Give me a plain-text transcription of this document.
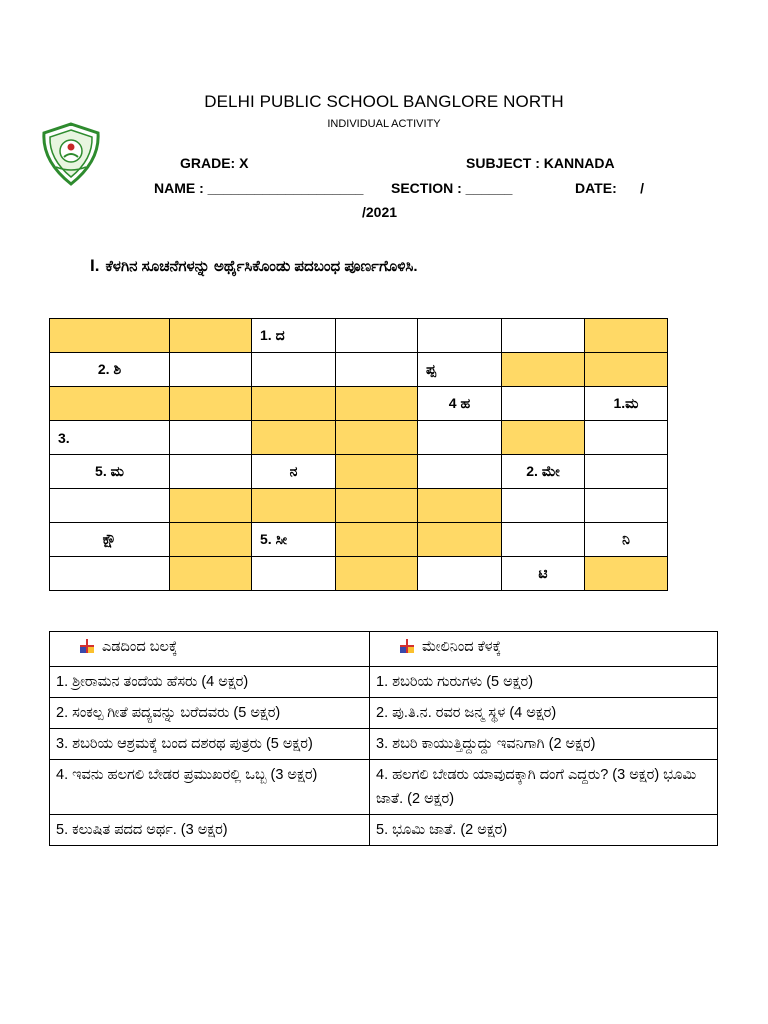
DELHI PUBLIC SCHOOL BANGLORE NORTH
INDIVIDUAL ACTIVITY
GRADE: X	SUBJECT : KANNADA
NAME : ____________________ SECTION : ______	DATE:      /
/2021
I. ಕೆಳಗಿನ ಸೂಚನೆಗಳನ್ನು ಅರ್ಥೈಸಿಕೊಂಡು ಪದಬಂಧ ಪೂರ್ಣಗೊಳಿಸಿ.
		1. ದ				
2. ಶಿ				ಪ್ಪ		
				4 ಹ		1.ಮ
3.						
5. ಮ		ನ			2. ಮೇ	

ಕ್ಷೌ		5. ಸೀ				ನಿ
					ಟಿ	
ಎಡದಿಂದ ಬಲಕ್ಕೆ	ಮೇಲಿನಿಂದ ಕೆಳಕ್ಕೆ
1. ಶ್ರೀರಾಮನ ತಂದೆಯ ಹೆಸರು (4 ಅಕ್ಷರ)	1. ಶಬರಿಯ ಗುರುಗಳು (5 ಅಕ್ಷರ)
2. ಸಂಕಲ್ಪ ಗೀತೆ ಪದ್ಯವನ್ನು ಬರೆದವರು (5 ಅಕ್ಷರ)	2. ಪು.ತಿ.ನ. ರವರ ಜನ್ಮ ಸ್ಥಳ (4 ಅಕ್ಷರ)
3. ಶಬರಿಯ ಆಶ್ರಮಕ್ಕೆ ಬಂದ ದಶರಥ ಪುತ್ರರು (5 ಅಕ್ಷರ)	3. ಶಬರಿ ಕಾಯುತ್ತಿದ್ದುದ್ದು ಇವನಿಗಾಗಿ (2 ಅಕ್ಷರ)
4. ಇವನು ಹಲಗಲಿ ಬೇಡರ ಪ್ರಮುಖರಲ್ಲಿ ಒಬ್ಬ (3 ಅಕ್ಷರ)	4. ಹಲಗಲಿ ಬೇಡರು ಯಾವುದಕ್ಕಾಗಿ ದಂಗೆ ಎದ್ದರು? (3 ಅಕ್ಷರ) ಭೂಮಿ ಜಾತೆ. (2 ಅಕ್ಷರ)
5. ಕಲುಷಿತ ಪದದ ಅರ್ಥ. (3 ಅಕ್ಷರ)	5. ಭೂಮಿ ಜಾತೆ. (2 ಅಕ್ಷರ)
